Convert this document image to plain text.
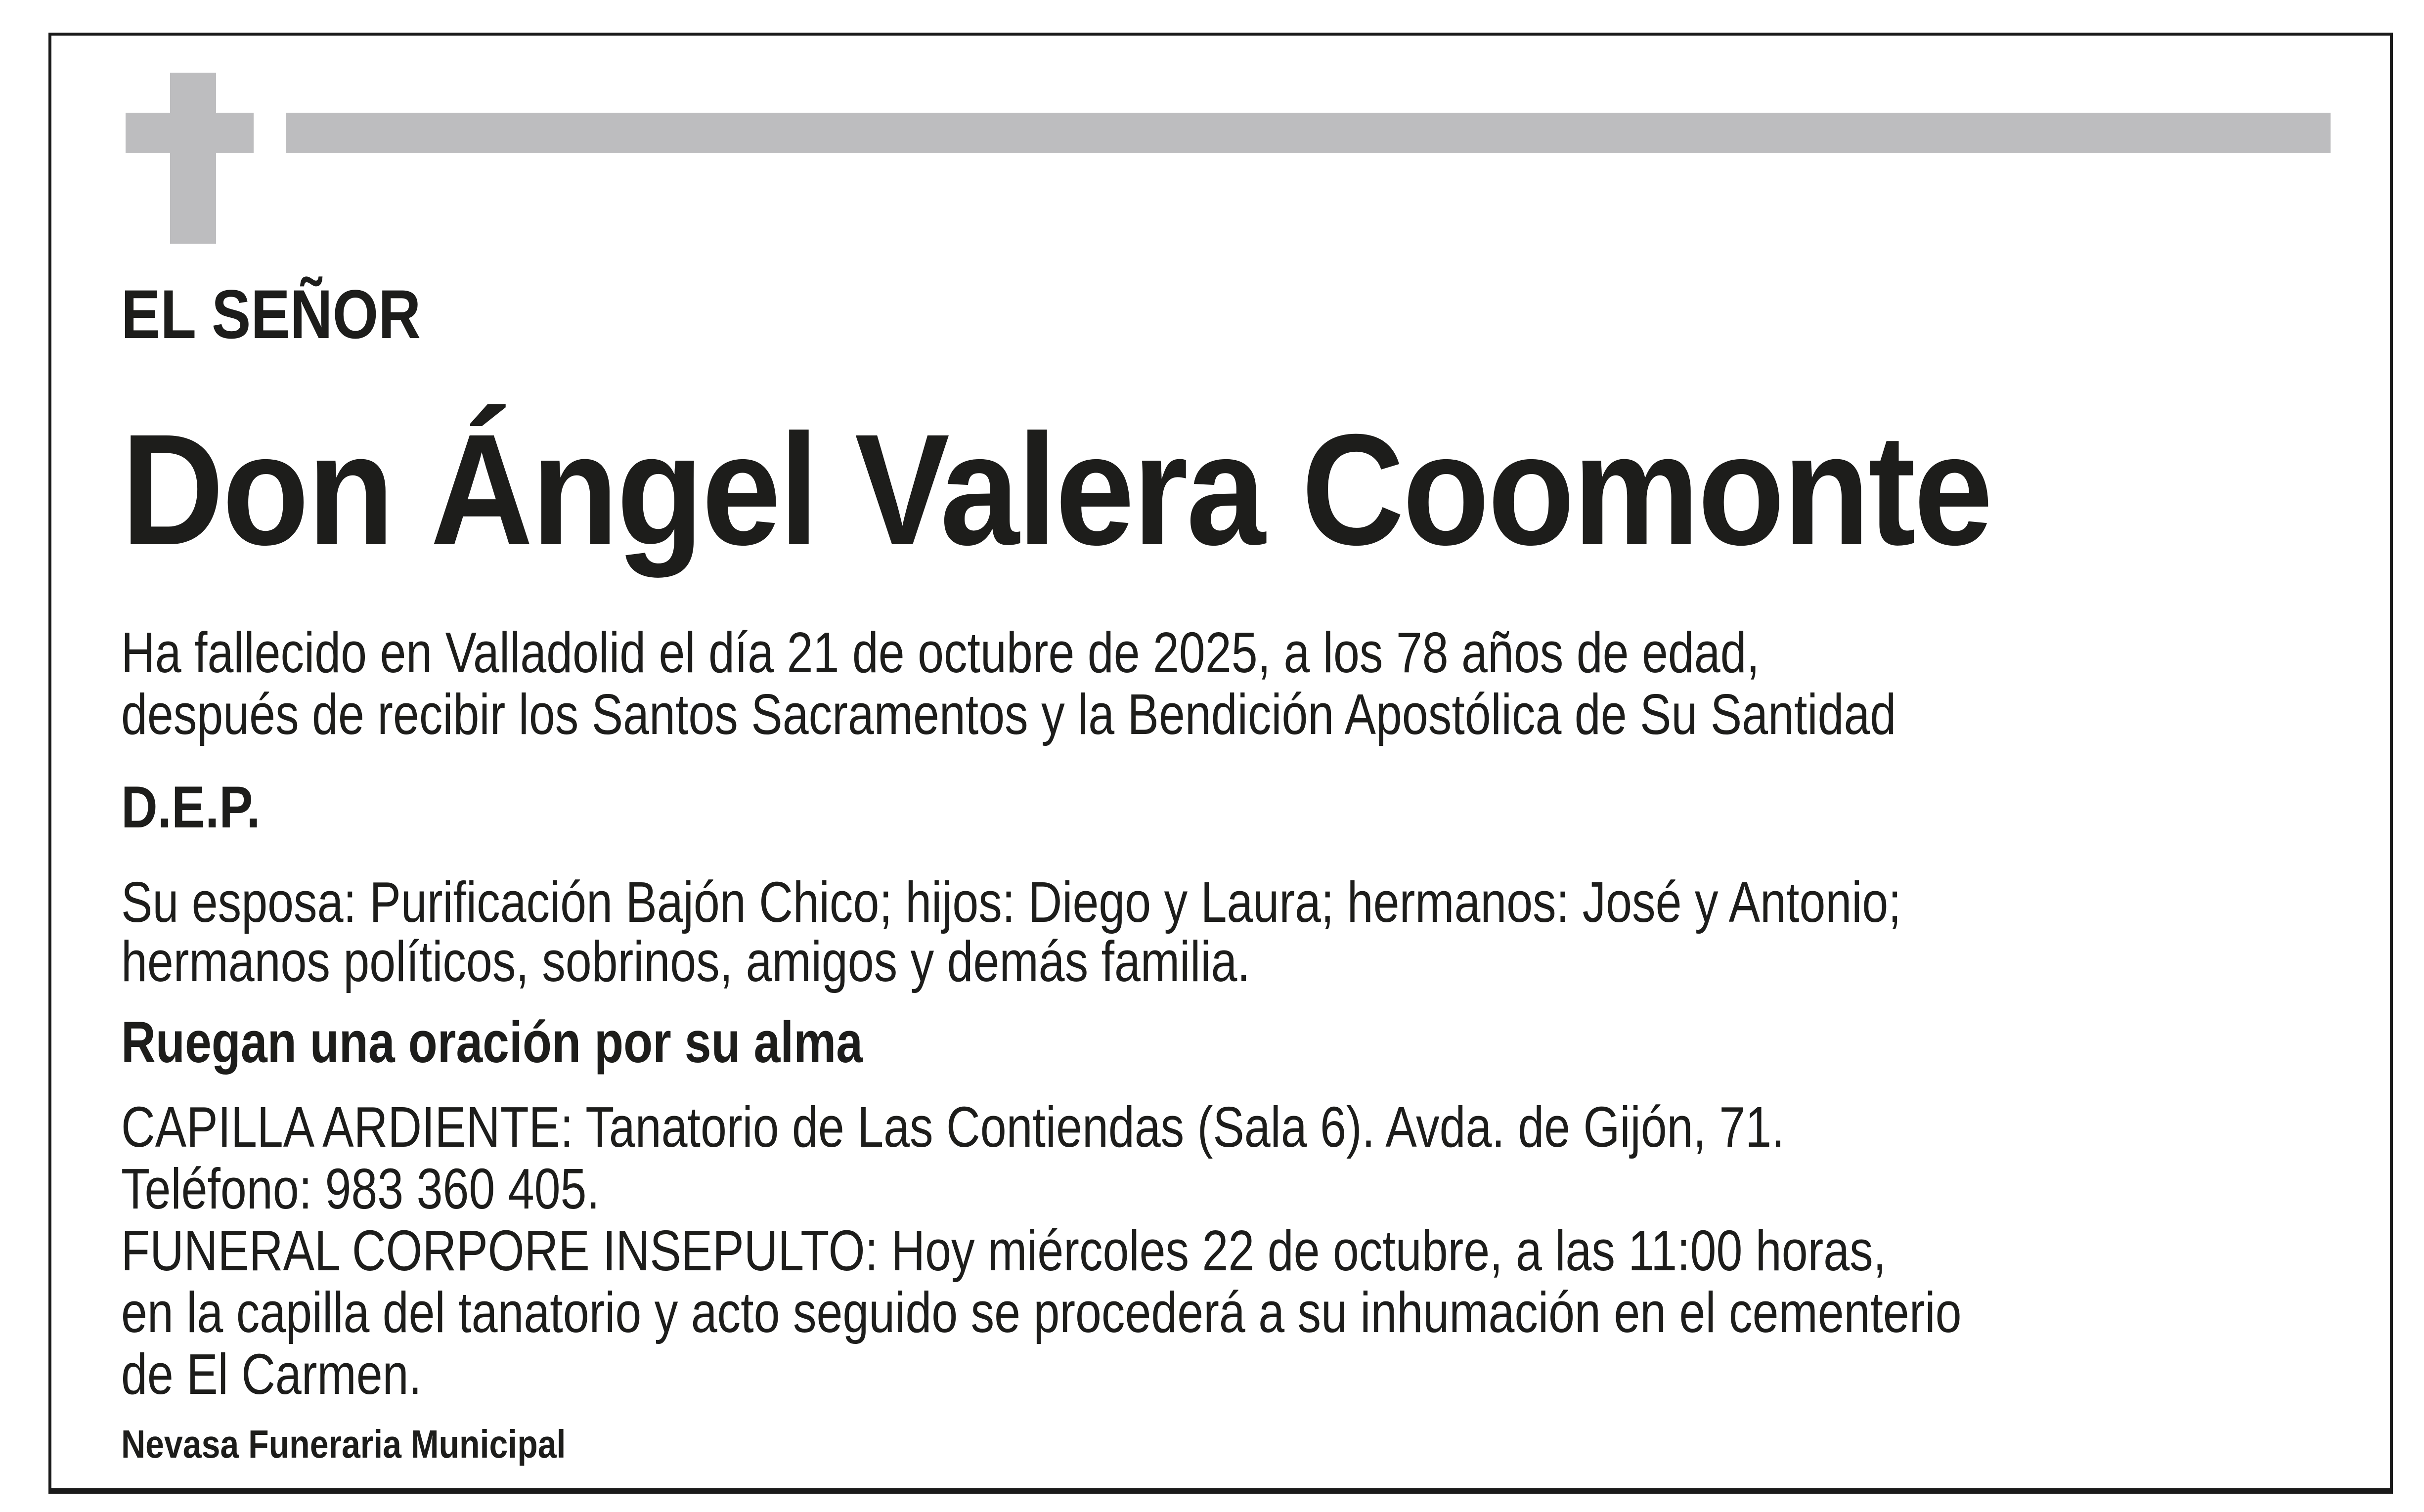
EL SEÑOR
Don Ángel Valera Coomonte
Ha fallecido en Valladolid el día 21 de octubre de 2025, a los 78 años de edad,
después de recibir los Santos Sacramentos y la Bendición Apostólica de Su Santidad
D.E.P.
Su esposa: Purificación Bajón Chico; hijos: Diego y Laura; hermanos: José y Antonio;
hermanos políticos, sobrinos, amigos y demás familia.
Ruegan una oración por su alma
CAPILLA ARDIENTE: Tanatorio de Las Contiendas (Sala 6). Avda. de Gijón, 71.
Teléfono: 983 360 405.
FUNERAL CORPORE INSEPULTO: Hoy miércoles 22 de octubre, a las 11:00 horas,
en la capilla del tanatorio y acto seguido se procederá a su inhumación en el cementerio
de El Carmen.
Nevasa Funeraria Municipal
